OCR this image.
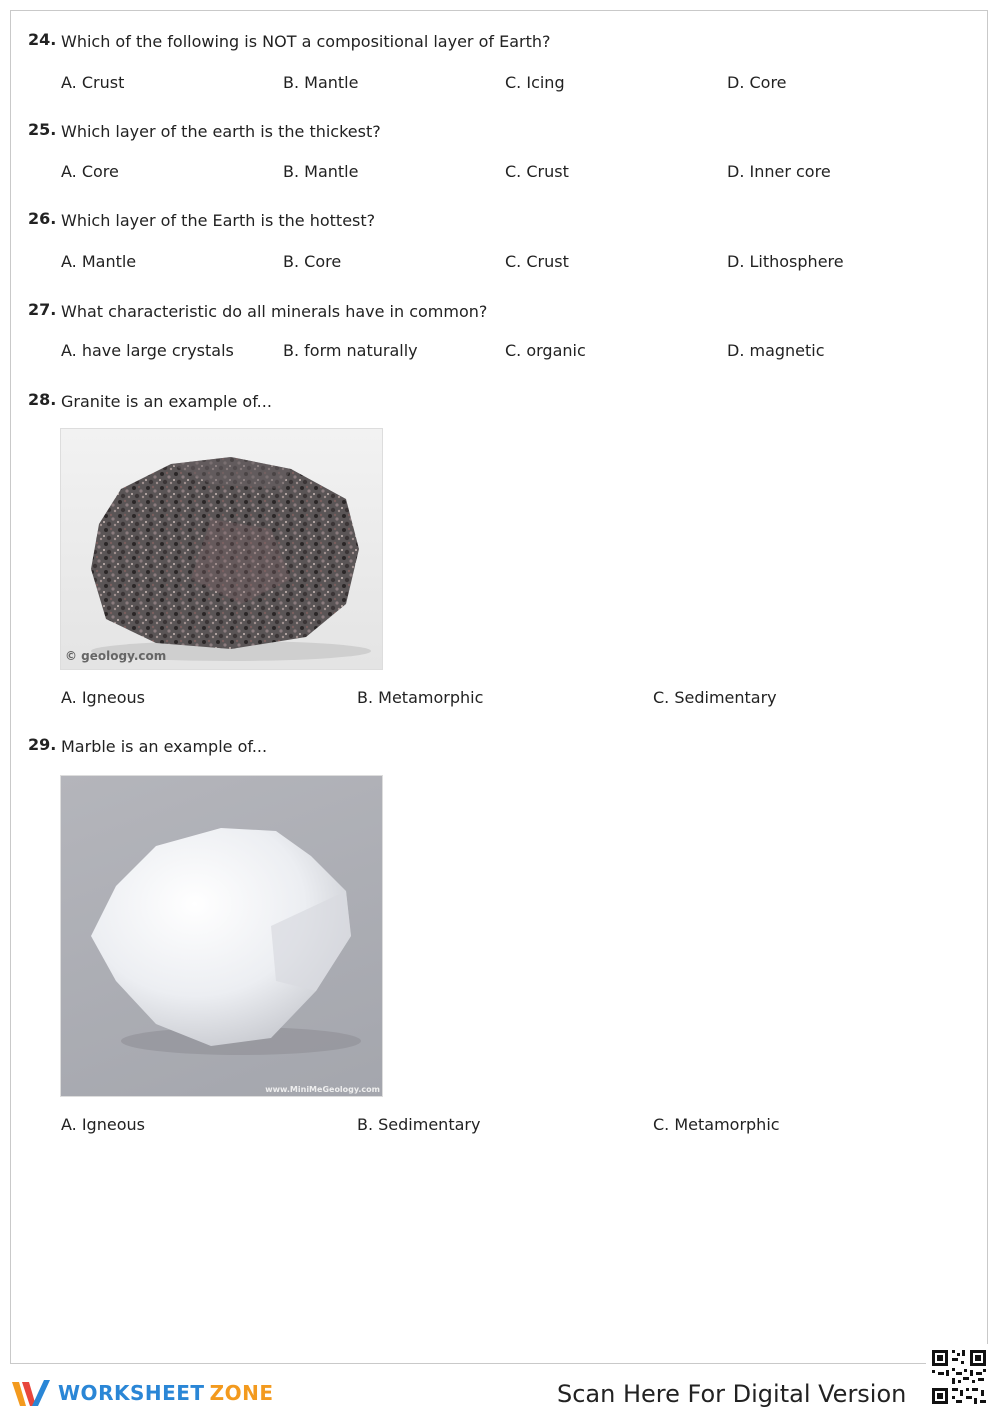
24. Which of the following is NOT a compositional layer of Earth?
A. Crust	B. Mantle	C. Icing	D. Core
25. Which layer of the earth is the thickest?
A. Core	B. Mantle	C. Crust	D. Inner core
26. Which layer of the Earth is the hottest?
A. Mantle	B. Core	C. Crust	D. Lithosphere
27. What characteristic do all minerals have in common?
A. have large crystals	B. form naturally	C. organic	D. magnetic
28. Granite is an example of...
© geology.com
A. Igneous	B. Metamorphic	C. Sedimentary
29. Marble is an example of...
www.MiniMeGeology.com
A. Igneous	B. Sedimentary	C. Metamorphic
WORKSHEET ZONE	Scan Here For Digital Version
